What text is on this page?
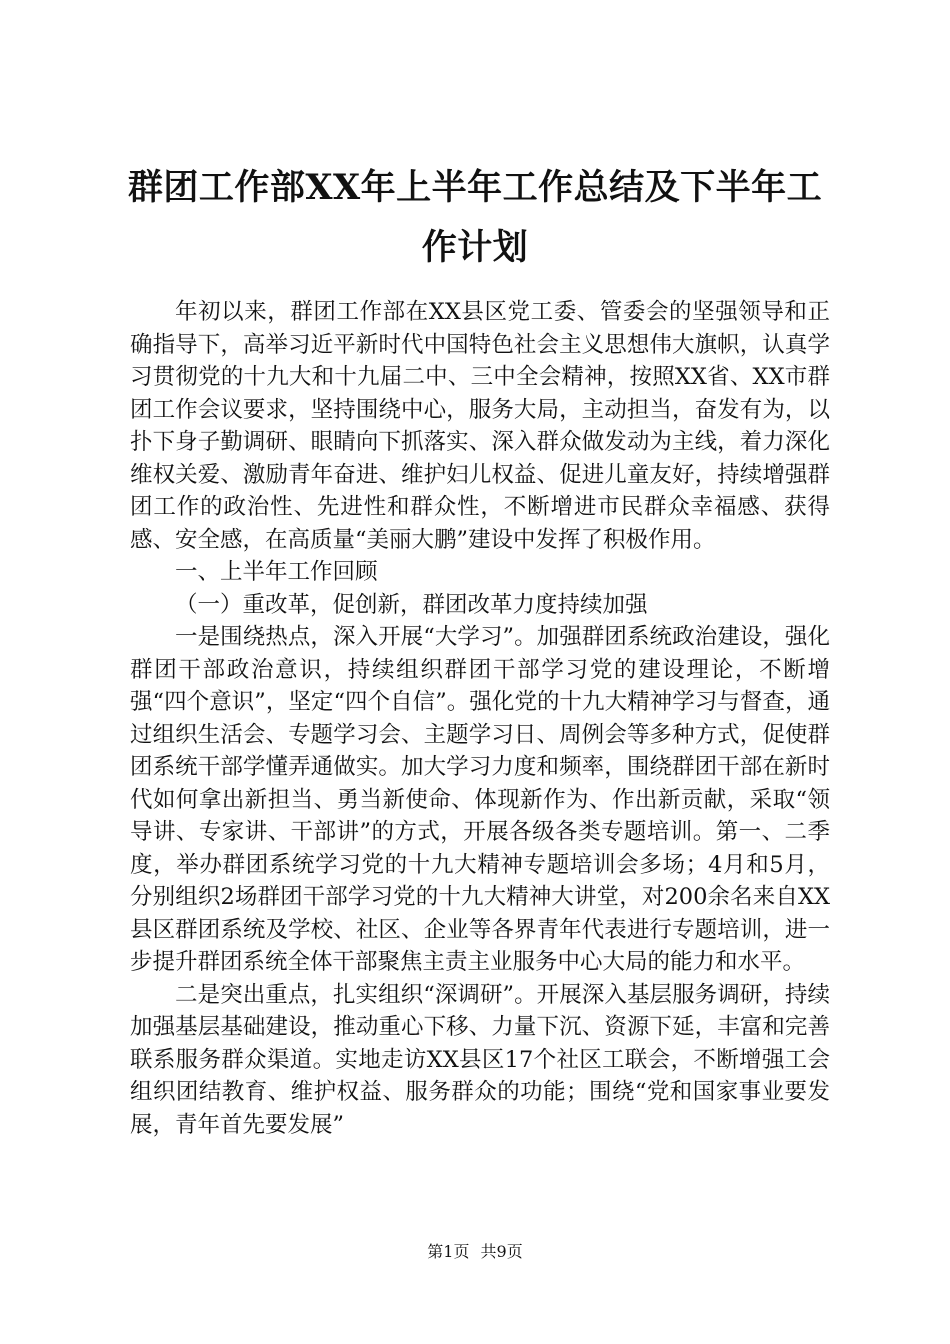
群团工作部XX年上半年工作总结及下半年工作计划

年初以来，群团工作部在XX县区党工委、管委会的坚强领导和正确指导下，高举习近平新时代中国特色社会主义思想伟大旗帜，认真学习贯彻党的十九大和十九届二中、三中全会精神，按照XX省、XX市群团工作会议要求，坚持围绕中心，服务大局，主动担当，奋发有为，以扑下身子勤调研、眼睛向下抓落实、深入群众做发动为主线，着力深化维权关爱、激励青年奋进、维护妇儿权益、促进儿童友好，持续增强群团工作的政治性、先进性和群众性，不断增进市民群众幸福感、获得感、安全感，在高质量“美丽大鹏”建设中发挥了积极作用。

一、上半年工作回顾

（一）重改革，促创新，群团改革力度持续加强

一是围绕热点，深入开展“大学习”。加强群团系统政治建设，强化群团干部政治意识，持续组织群团干部学习党的建设理论，不断增强“四个意识”，坚定“四个自信”。强化党的十九大精神学习与督查，通过组织生活会、专题学习会、主题学习日、周例会等多种方式，促使群团系统干部学懂弄通做实。加大学习力度和频率，围绕群团干部在新时代如何拿出新担当、勇当新使命、体现新作为、作出新贡献，采取“领导讲、专家讲、干部讲”的方式，开展各级各类专题培训。第一、二季度，举办群团系统学习党的十九大精神专题培训会多场；4月和5月，分别组织2场群团干部学习党的十九大精神大讲堂，对200余名来自XX县区群团系统及学校、社区、企业等各界青年代表进行专题培训，进一步提升群团系统全体干部聚焦主责主业服务中心大局的能力和水平。

二是突出重点，扎实组织“深调研”。开展深入基层服务调研，持续加强基层基础建设，推动重心下移、力量下沉、资源下延，丰富和完善联系服务群众渠道。实地走访XX县区17个社区工联会，不断增强工会组织团结教育、维护权益、服务群众的功能；围绕“党和国家事业要发展，青年首先要发展”

第1页 共9页
